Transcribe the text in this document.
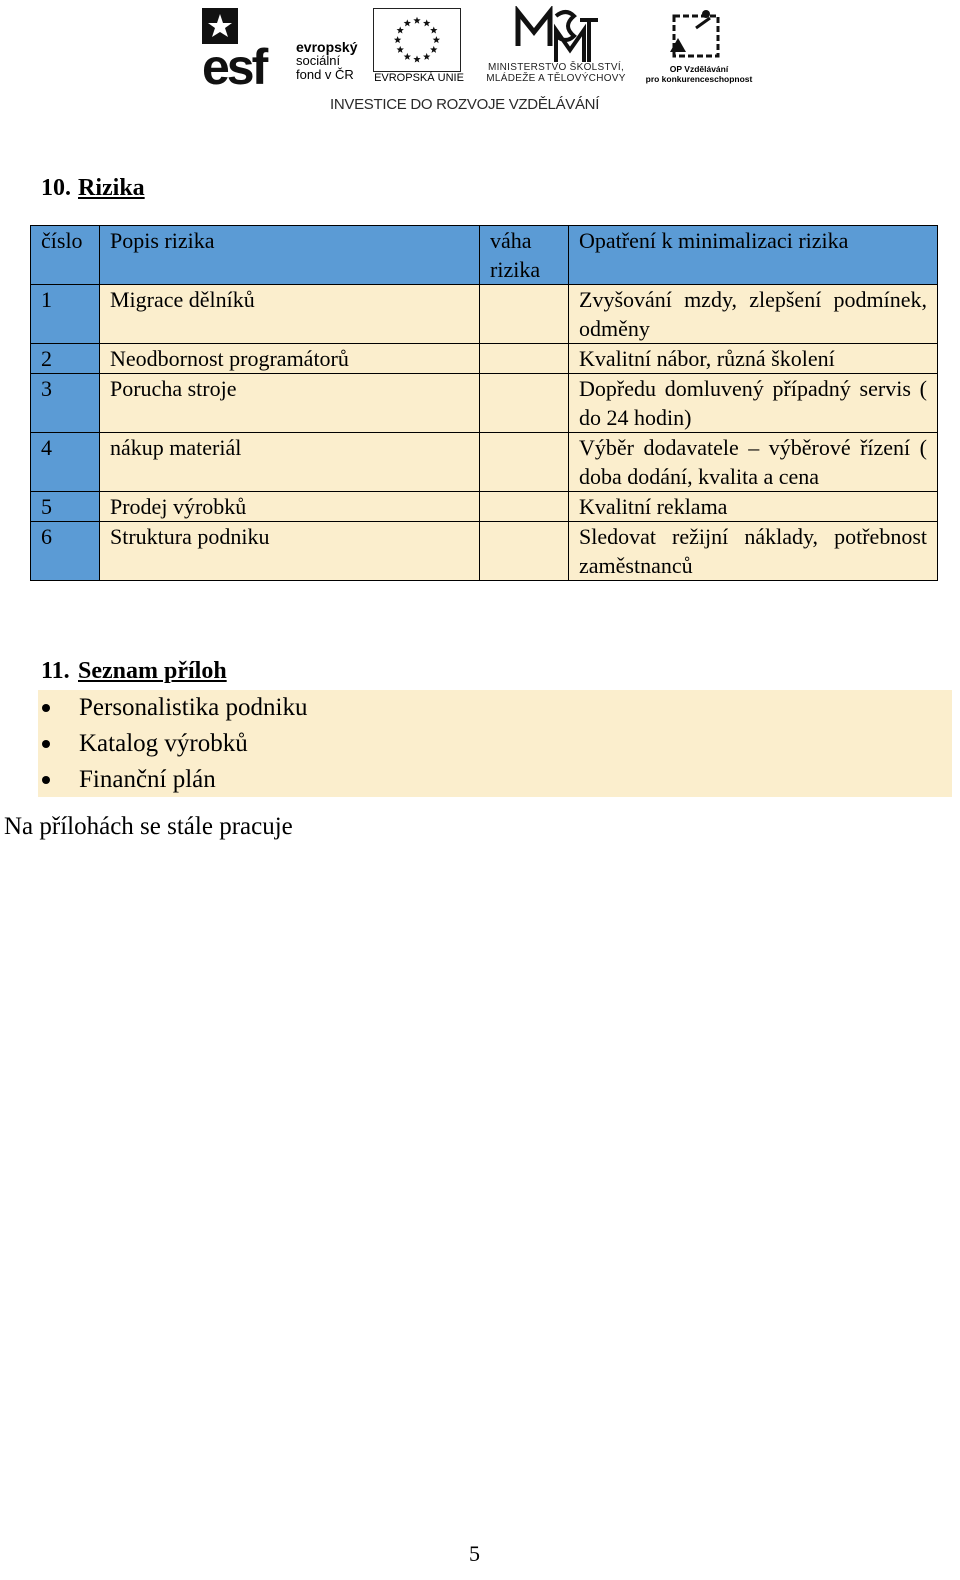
esf evropský
sociální
fond v ČR	EVROPSKÁ UNIE
MINISTERSTVO ŠKOLSTVÍ,
MLÁDEŽE A TĚLOVÝCHOVY
OP Vzdělávání
pro konkurenceschopnost
INVESTICE DO ROZVOJE VZDĚLÁVÁNÍ
10. Rizika
číslo	Popis rizika	váha rizika	Opatření k minimalizaci rizika
1	Migrace dělníků		Zvyšování mzdy, zlepšení podmínek, odměny
2	Neodbornost programátorů		Kvalitní nábor, různá školení
3	Porucha stroje		Dopředu domluvený případný servis ( do 24 hodin)
4	nákup materiál		Výběr dodavatele – výběrové řízení ( doba dodání, kvalita a cena
5	Prodej výrobků		Kvalitní reklama
6	Struktura podniku		Sledovat režijní náklady, potřebnost zaměstnanců
11. Seznam příloh
Personalistika podniku
Katalog výrobků
Finanční plán
Na přílohách se stále pracuje
5
